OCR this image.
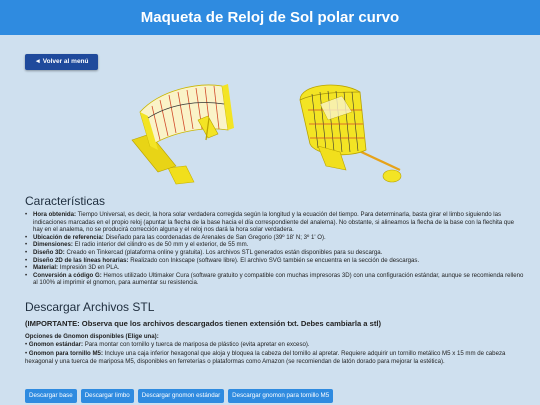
Maqueta de Reloj de Sol polar curvo
◄ Volver al menú
Características
• Hora obtenida: Tiempo Universal, es decir, la hora solar verdadera corregida según la longitud y la ecuación del tiempo. Para determinarla, basta girar el limbo siguiendo las indicaciones marcadas en el propio reloj (apuntar la flecha de la base hacia el día correspondiente del analema). No obstante, si alineamos la flecha de la base con la flechita que hay en el analema, no se producirá corrección alguna y el reloj nos dará la hora solar verdadera.
• Ubicación de referencia: Diseñado para las coordenadas de Arenales de San Gregorio (39º 18' N; 3º 1' O).
• Dimensiones: El radio interior del cilindro es de 50 mm y el exterior, de 55 mm.
• Diseño 3D: Creado en Tinkercad (plataforma online y gratuita). Los archivos STL generados están disponibles para su descarga.
• Diseño 2D de las líneas horarias: Realizado con Inkscape (software libre). El archivo SVG también se encuentra en la sección de descargas.
• Material: Impresión 3D en PLA.
• Conversión a código G: Hemos utilizado Ultimaker Cura (software gratuito y compatible con muchas impresoras 3D) con una configuración estándar, aunque se recomienda relleno al 100% al imprimir el gnomon, para aumentar su resistencia.
Descargar Archivos STL
(IMPORTANTE: Observa que los archivos descargados tienen extensión txt. Debes cambiarla a stl)
Opciones de Gnomon disponibles (Elige una):
• Gnomon estándar: Para montar con tornillo y tuerca de mariposa de plástico (evita apretar en exceso).
• Gnomon para tornillo M5: Incluye una caja inferior hexagonal que aloja y bloquea la cabeza del tornillo al apretar. Requiere adquirir un tornillo metálico M5 x 15 mm de cabeza hexagonal y una tuerca de mariposa M5, disponibles en ferreterías o plataformas como Amazon (se recomiendan de latón dorado para mejorar la estética).
Descargar base	Descargar limbo	Descargar gnomon estándar	Descargar gnomon para tornillo M5
